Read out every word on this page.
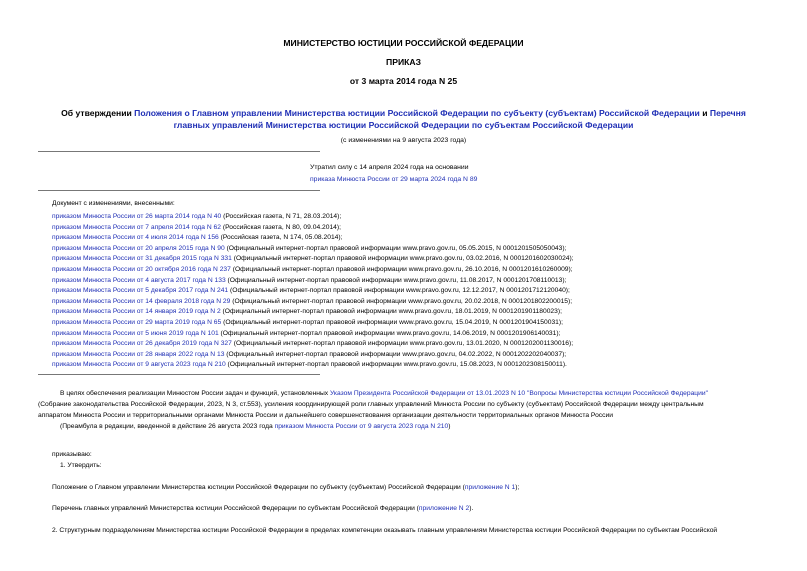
МИНИСТЕРСТВО ЮСТИЦИИ РОССИЙСКОЙ ФЕДЕРАЦИИ
ПРИКАЗ
от 3 марта 2014 года N 25
Об утверждении Положения о Главном управлении Министерства юстиции Российской Федерации по субъекту (субъектам) Российской Федерации и Перечня
главных управлений Министерства юстиции Российской Федерации по субъектам Российской Федерации
(с изменениями на 9 августа 2023 года)
Утратил силу с 14 апреля 2024 года на основании
приказа Минюста России от 29 марта 2024 года N 89
Документ с изменениями, внесенными:
приказом Минюста России от 26 марта 2014 года N 40 (Российская газета, N 71, 28.03.2014);
приказом Минюста России от 7 апреля 2014 года N 62 (Российская газета, N 80, 09.04.2014);
приказом Минюста России от 4 июля 2014 года N 156 (Российская газета, N 174, 05.08.2014);
приказом Минюста России от 20 апреля 2015 года N 90 (Официальный интернет-портал правовой информации www.pravo.gov.ru, 05.05.2015, N 0001201505050043);
приказом Минюста России от 31 декабря 2015 года N 331 (Официальный интернет-портал правовой информации www.pravo.gov.ru, 03.02.2016, N 0001201602030024);
приказом Минюста России от 20 октября 2016 года N 237 (Официальный интернет-портал правовой информации www.pravo.gov.ru, 26.10.2016, N 0001201610260009);
приказом Минюста России от 4 августа 2017 года N 133 (Официальный интернет-портал правовой информации www.pravo.gov.ru, 11.08.2017, N 0001201708110013);
приказом Минюста России от 5 декабря 2017 года N 241 (Официальный интернет-портал правовой информации www.pravo.gov.ru, 12.12.2017, N 0001201712120040);
приказом Минюста России от 14 февраля 2018 года N 29 (Официальный интернет-портал правовой информации www.pravo.gov.ru, 20.02.2018, N 0001201802200015);
приказом Минюста России от 14 января 2019 года N 2 (Официальный интернет-портал правовой информации www.pravo.gov.ru, 18.01.2019, N 0001201901180023);
приказом Минюста России от 29 марта 2019 года N 65 (Официальный интернет-портал правовой информации www.pravo.gov.ru, 15.04.2019, N 0001201904150031);
приказом Минюста России от 5 июня 2019 года N 101 (Официальный интернет-портал правовой информации www.pravo.gov.ru, 14.06.2019, N 0001201906140031);
приказом Минюста России от 26 декабря 2019 года N 327 (Официальный интернет-портал правовой информации www.pravo.gov.ru, 13.01.2020, N 0001202001130016);
приказом Минюста России от 28 января 2022 года N 13 (Официальный интернет-портал правовой информации www.pravo.gov.ru, 04.02.2022, N 0001202202040037);
приказом Минюста России от 9 августа 2023 года N 210 (Официальный интернет-портал правовой информации www.pravo.gov.ru, 15.08.2023, N 0001202308150011).
В целях обеспечения реализации Минюстом России задач и функций, установленных Указом Президента Российской Федерации от 13.01.2023 N 10 "Вопросы Министерства юстиции Российской Федерации"
(Собрание законодательства Российской Федерации, 2023, N 3, ст.553), усиления координирующей роли главных управлений Минюста России по субъекту (субъектам) Российской Федерации между центральным
аппаратом Минюста России и территориальными органами Минюста России и дальнейшего совершенствования организации деятельности территориальных органов Минюста России
(Преамбула в редакции, введенной в действие 26 августа 2023 года приказом Минюста России от 9 августа 2023 года N 210)
приказываю:
1. Утвердить:
Положение о Главном управлении Министерства юстиции Российской Федерации по субъекту (субъектам) Российской Федерации (приложение N 1);
Перечень главных управлений Министерства юстиции Российской Федерации по субъектам Российской Федерации (приложение N 2).
2. Структурным подразделениям Министерства юстиции Российской Федерации в пределах компетенции оказывать главным управлениям Министерства юстиции Российской Федерации по субъектам Российской
